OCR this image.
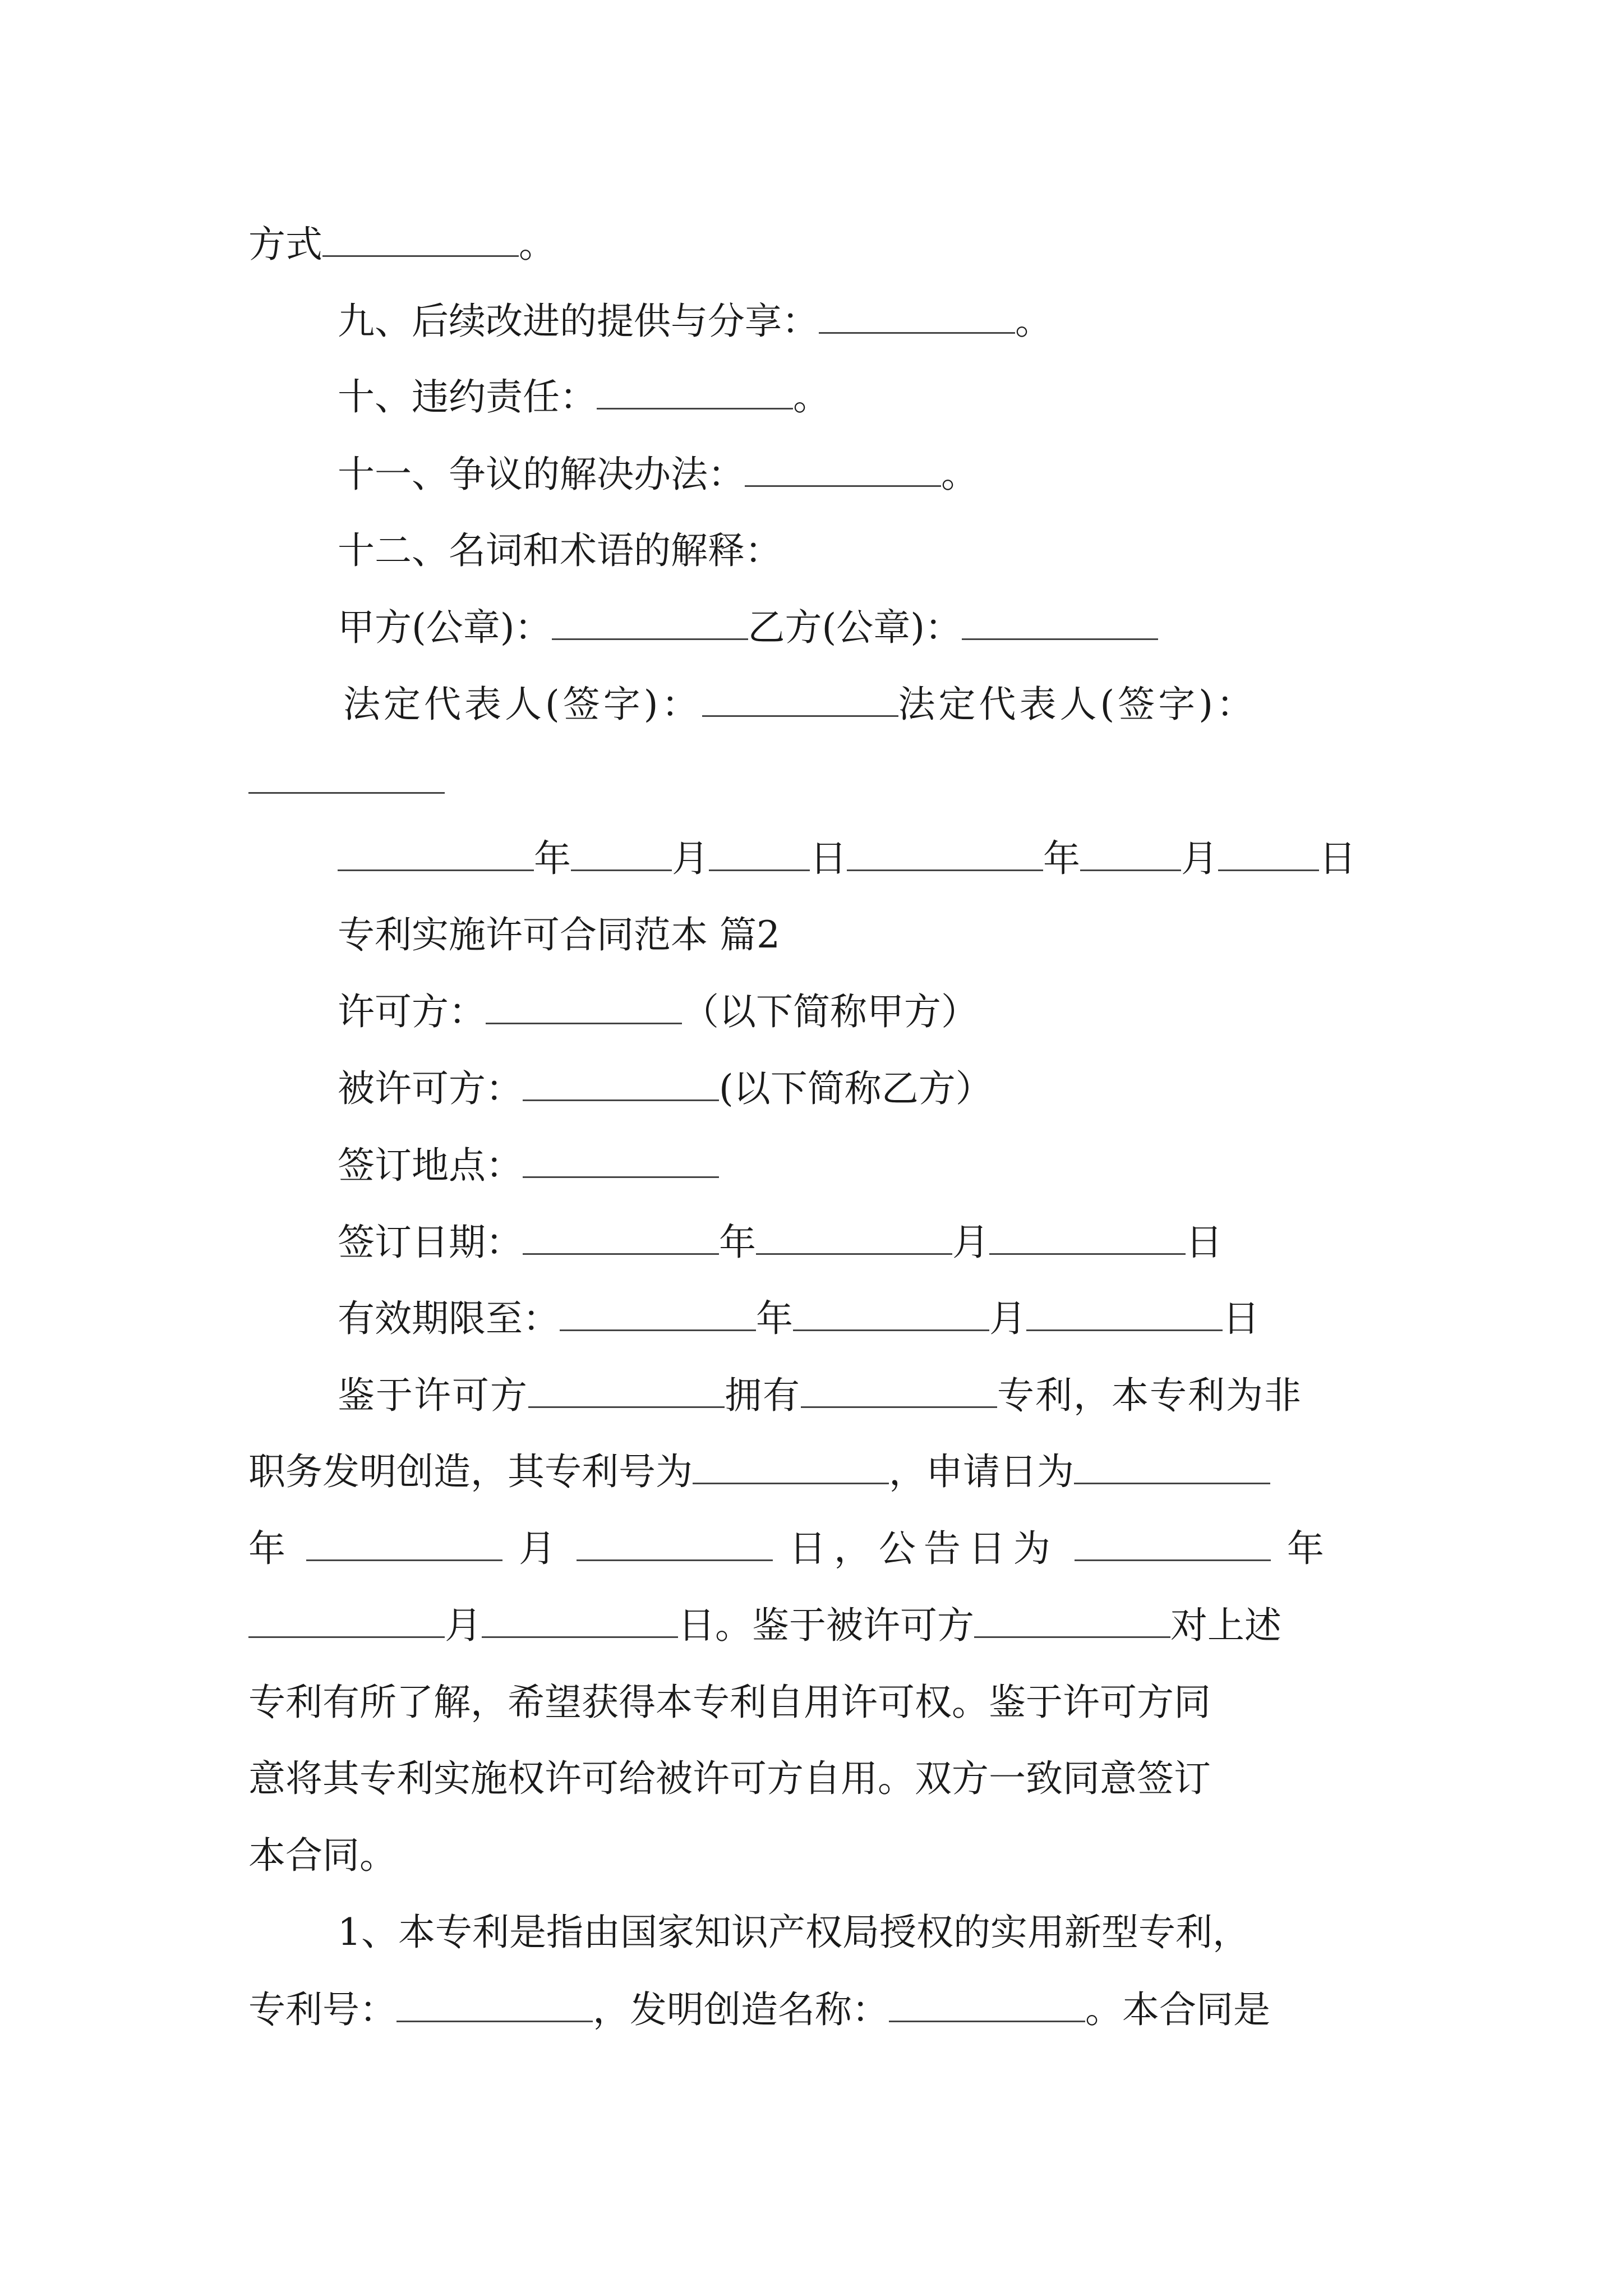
方式	。
九、后续改进的提供与分享：	。
十、违约责任：	。
十一、争议的解决办法：	。
十二、名词和术语的解释：
甲方(公章)：	乙方(公章)：
法定代表人(签字)：	法定代表人(签字)：
年	月	日	年	月	日
专利实施许可合同范本 篇2
许可方：	（以下简称甲方）
被许可方：	(以下简称乙方）
签订地点：
签订日期：	年	月	日
有效期限至：	年	月	日
鉴于许可方	拥有	专利，本专利为非
职务发明创造，其专利号为	，申请日为
年	月	日，公告日为	年
月	日。鉴于被许可方	对上述
专利有所了解，希望获得本专利自用许可权。鉴于许可方同
意将其专利实施权许可给被许可方自用。双方一致同意签订
本合同。
1、本专利是指由国家知识产权局授权的实用新型专利，
专利号：	，发明创造名称：	。本合同是
